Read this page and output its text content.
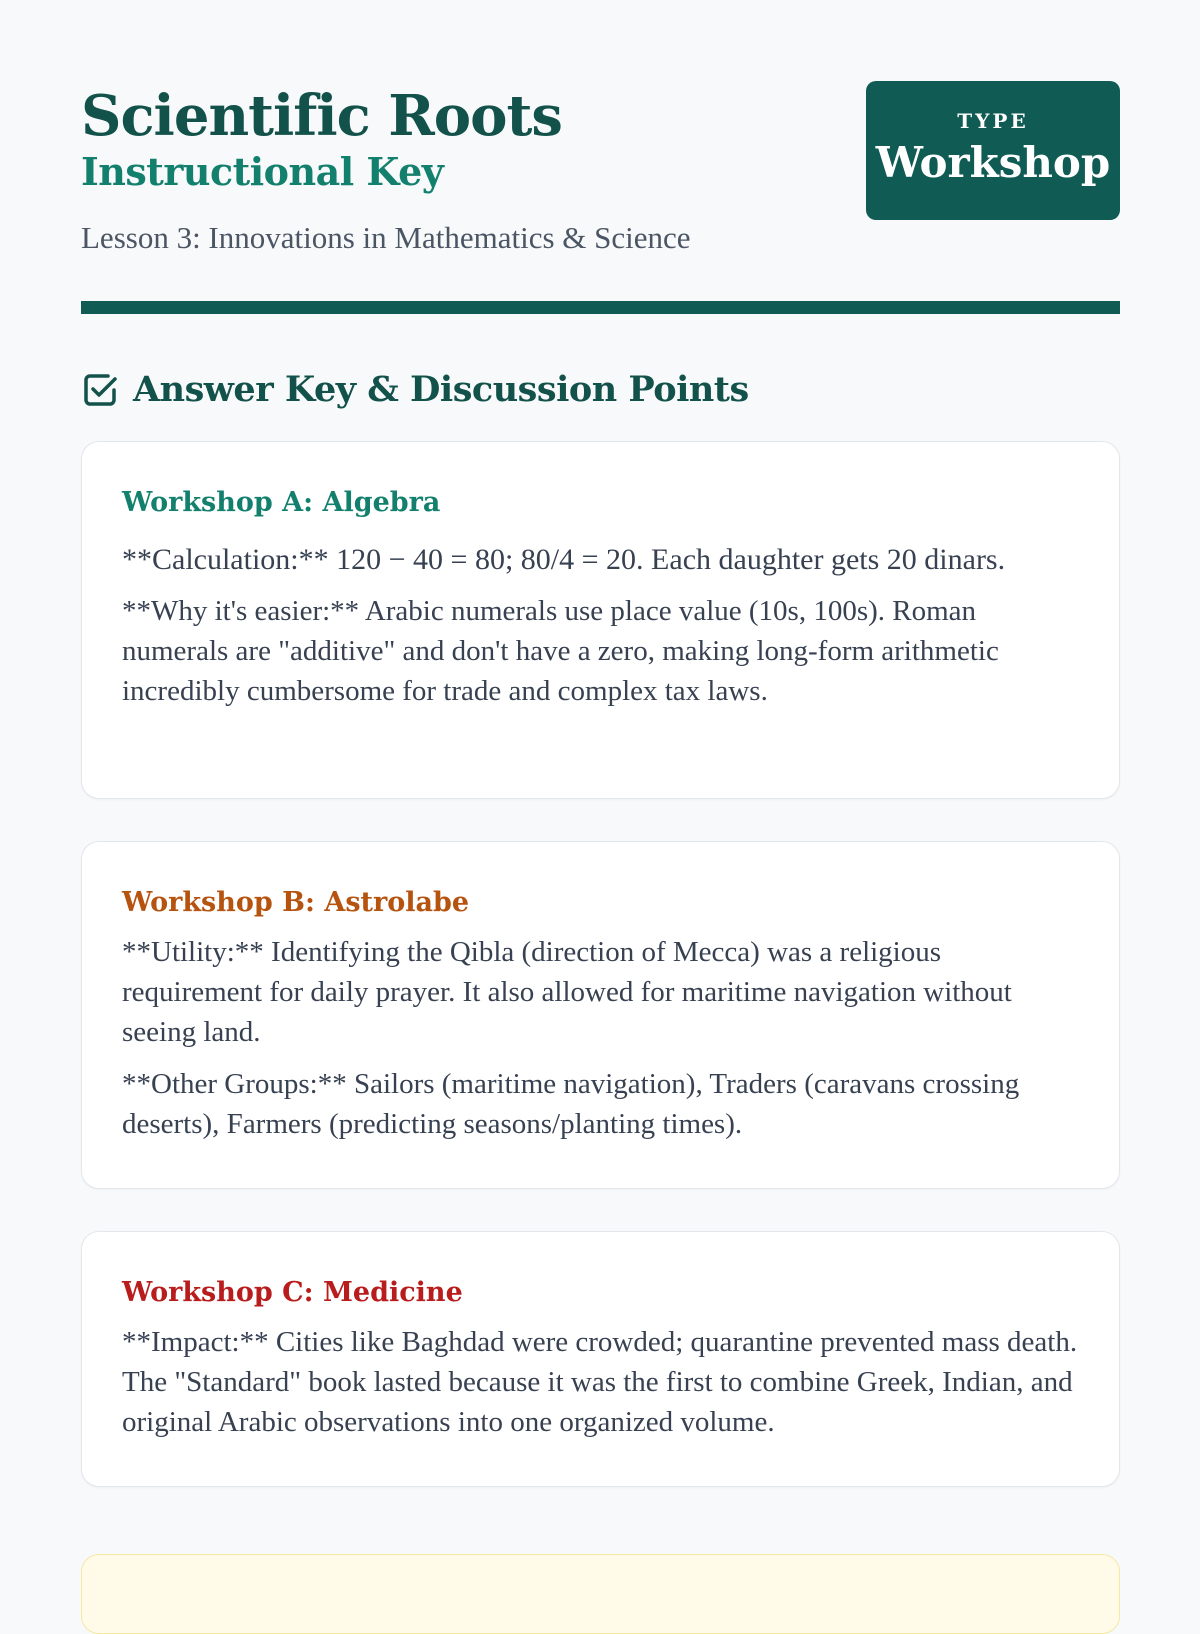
Scientific Roots
Instructional Key
Lesson 3: Innovations in Mathematics & Science
TYPE
Workshop
Answer Key & Discussion Points
Workshop A: Algebra

**Calculation:** 120 − 40 = 80; 80/4 = 20. Each daughter gets 20 dinars.

**Why it's easier:** Arabic numerals use place value (10s, 100s). Roman numerals are "additive" and don't have a zero, making long-form arithmetic incredibly cumbersome for trade and complex tax laws.

Workshop B: Astrolabe

**Utility:** Identifying the Qibla (direction of Mecca) was a religious requirement for daily prayer. It also allowed for maritime navigation without seeing land.

**Other Groups:** Sailors (maritime navigation), Traders (caravans crossing deserts), Farmers (predicting seasons/planting times).

Workshop C: Medicine

**Impact:** Cities like Baghdad were crowded; quarantine prevented mass death. The "Standard" book lasted because it was the first to combine Greek, Indian, and original Arabic observations into one organized volume.
